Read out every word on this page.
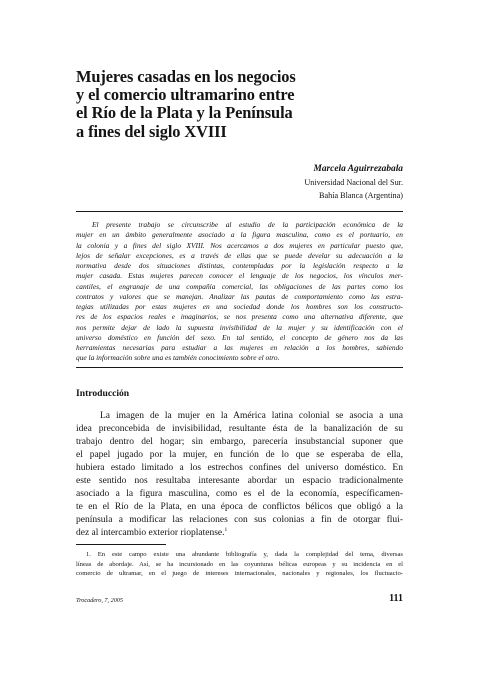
Mujeres casadas en los negocios
y el comercio ultramarino entre
el Río de la Plata y la Península
a fines del siglo XVIII

Marcela Aguirrezabala

Universidad Nacional del Sur.
Bahía Blanca (Argentina)

El presente trabajo se circunscribe al estudio de la participación económica de la
mujer en un ámbito generalmente asociado a la figura masculina, como es el portuario, en
la colonia y a fines del siglo XVIII. Nos acercamos a dos mujeres en particular puesto que,
lejos de señalar excepciones, es a través de ellas que se puede develar su adecuación a la
normativa desde dos situaciones distintas, contempladas por la legislación respecto a la
mujer casada. Estas mujeres parecen conocer el lenguaje de los negocios, los vínculos mer-
cantiles, el engranaje de una compañía comercial, las obligaciones de las partes como los
contratos y valores que se manejan. Analizar las pautas de comportamiento como las estra-
tegias utilizadas por estas mujeres en una sociedad donde los hombres son los constructo-
res de los espacios reales e imaginarios, se nos presenta como una alternativa diferente, que
nos permite dejar de lado la supuesta invisibilidad de la mujer y su identificación con el
universo doméstico en función del sexo. En tal sentido, el concepto de género nos da las
herramientas necesarias para estudiar a las mujeres en relación a los hombres, sabiendo
que la información sobre una es también conocimiento sobre el otro.

Introducción

La imagen de la mujer en la América latina colonial se asocia a una
idea preconcebida de invisibilidad, resultante ésta de la banalización de su
trabajo dentro del hogar; sin embargo, parecería insubstancial suponer que
el papel jugado por la mujer, en función de lo que se esperaba de ella,
hubiera estado limitado a los estrechos confines del universo doméstico. En
este sentido nos resultaba interesante abordar un espacio tradicionalmente
asociado a la figura masculina, como es el de la economía, específicamen-
te en el Río de la Plata, en una época de conflictos bélicos que obligó a la
península a modificar las relaciones con sus colonias a fin de otorgar flui-
dez al intercambio exterior rioplatense.$^1$

1. En este campo existe una abundante bibliografía y, dada la complejidad del tema, diversas
líneas de abordaje. Así, se ha incursionado en las coyunturas bélicas europeas y su incidencia en el
comercio de ultramar, en el juego de intereses internacionales, nacionales y regionales, los fluctuacio-

Trocadero, 7, 2005	111
